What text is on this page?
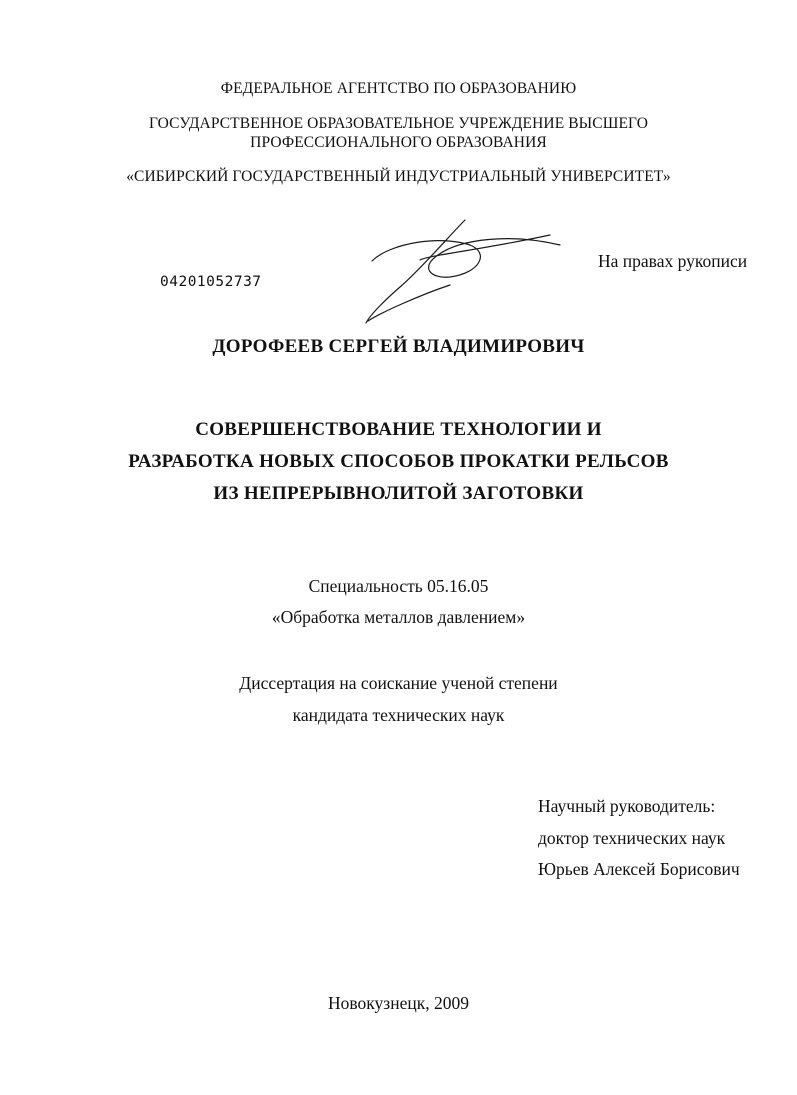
ФЕДЕРАЛЬНОЕ АГЕНТСТВО ПО ОБРАЗОВАНИЮ
ГОСУДАРСТВЕННОЕ ОБРАЗОВАТЕЛЬНОЕ УЧРЕЖДЕНИЕ ВЫСШЕГО
ПРОФЕССИОНАЛЬНОГО ОБРАЗОВАНИЯ
«СИБИРСКИЙ ГОСУДАРСТВЕННЫЙ ИНДУСТРИАЛЬНЫЙ УНИВЕРСИТЕТ»
04201052737
На правах рукописи
ДОРОФЕЕВ СЕРГЕЙ ВЛАДИМИРОВИЧ
СОВЕРШЕНСТВОВАНИЕ ТЕХНОЛОГИИ И
РАЗРАБОТКА НОВЫХ СПОСОБОВ ПРОКАТКИ РЕЛЬСОВ
ИЗ НЕПРЕРЫВНОЛИТОЙ ЗАГОТОВКИ
Специальность 05.16.05
«Обработка металлов давлением»
Диссертация на соискание ученой степени
кандидата технических наук
Научный руководитель:
доктор технических наук
Юрьев Алексей Борисович
Новокузнецк, 2009
